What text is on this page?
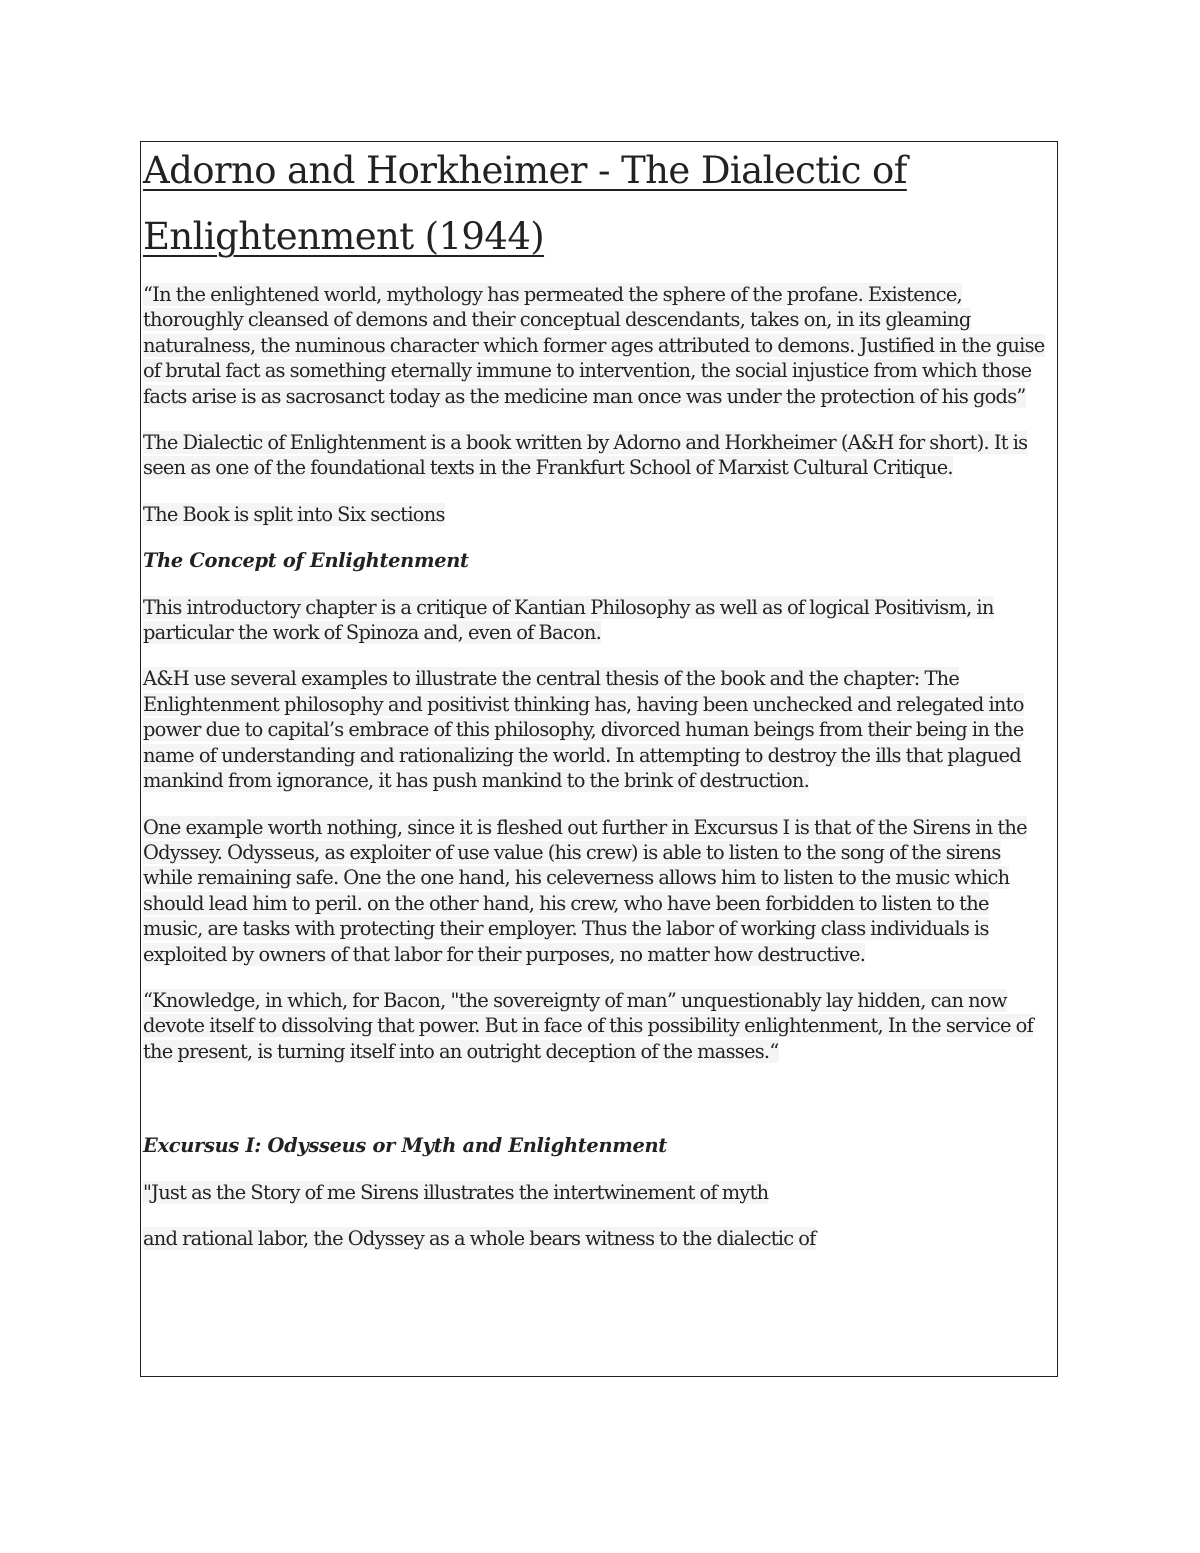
Adorno and Horkheimer - The Dialectic of Enlightenment (1944)

“In the enlightened world, mythology has permeated the sphere of the profane. Existence, thoroughly cleansed of demons and their conceptual descendants, takes on, in its gleaming naturalness, the numinous character which former ages attributed to demons. Justified in the guise of brutal fact as something eternally immune to intervention, the social injustice from which those facts arise is as sacrosanct today as the medicine man once was under the protection of his gods”

The Dialectic of Enlightenment is a book written by Adorno and Horkheimer (A&H for short). It is seen as one of the foundational texts in the Frankfurt School of Marxist Cultural Critique.

The Book is split into Six sections

The Concept of Enlightenment

This introductory chapter is a critique of Kantian Philosophy as well as of logical Positivism, in particular the work of Spinoza and, even of Bacon.

A&H use several examples to illustrate the central thesis of the book and the chapter: The Enlightenment philosophy and positivist thinking has, having been unchecked and relegated into power due to capital’s embrace of this philosophy, divorced human beings from their being in the name of understanding and rationalizing the world. In attempting to destroy the ills that plagued mankind from ignorance, it has push mankind to the brink of destruction.

One example worth nothing, since it is fleshed out further in Excursus I is that of the Sirens in the Odyssey. Odysseus, as exploiter of use value (his crew) is able to listen to the song of the sirens while remaining safe. One the one hand, his celeverness allows him to listen to the music which should lead him to peril. on the other hand, his crew, who have been forbidden to listen to the music, are tasks with protecting their employer. Thus the labor of working class individuals is exploited by owners of that labor for their purposes, no matter how destructive.

“Knowledge, in which, for Bacon, "the sovereignty of man” unquestionably lay hidden, can now devote itself to dissolving that power. But in face of this possibility enlightenment, In the service of the present, is turning itself into an outright deception of the masses.“

Excursus I: Odysseus or Myth and Enlightenment

"Just as the Story of me Sirens illustrates the intertwinement of myth

and rational labor, the Odyssey as a whole bears witness to the dialectic of
